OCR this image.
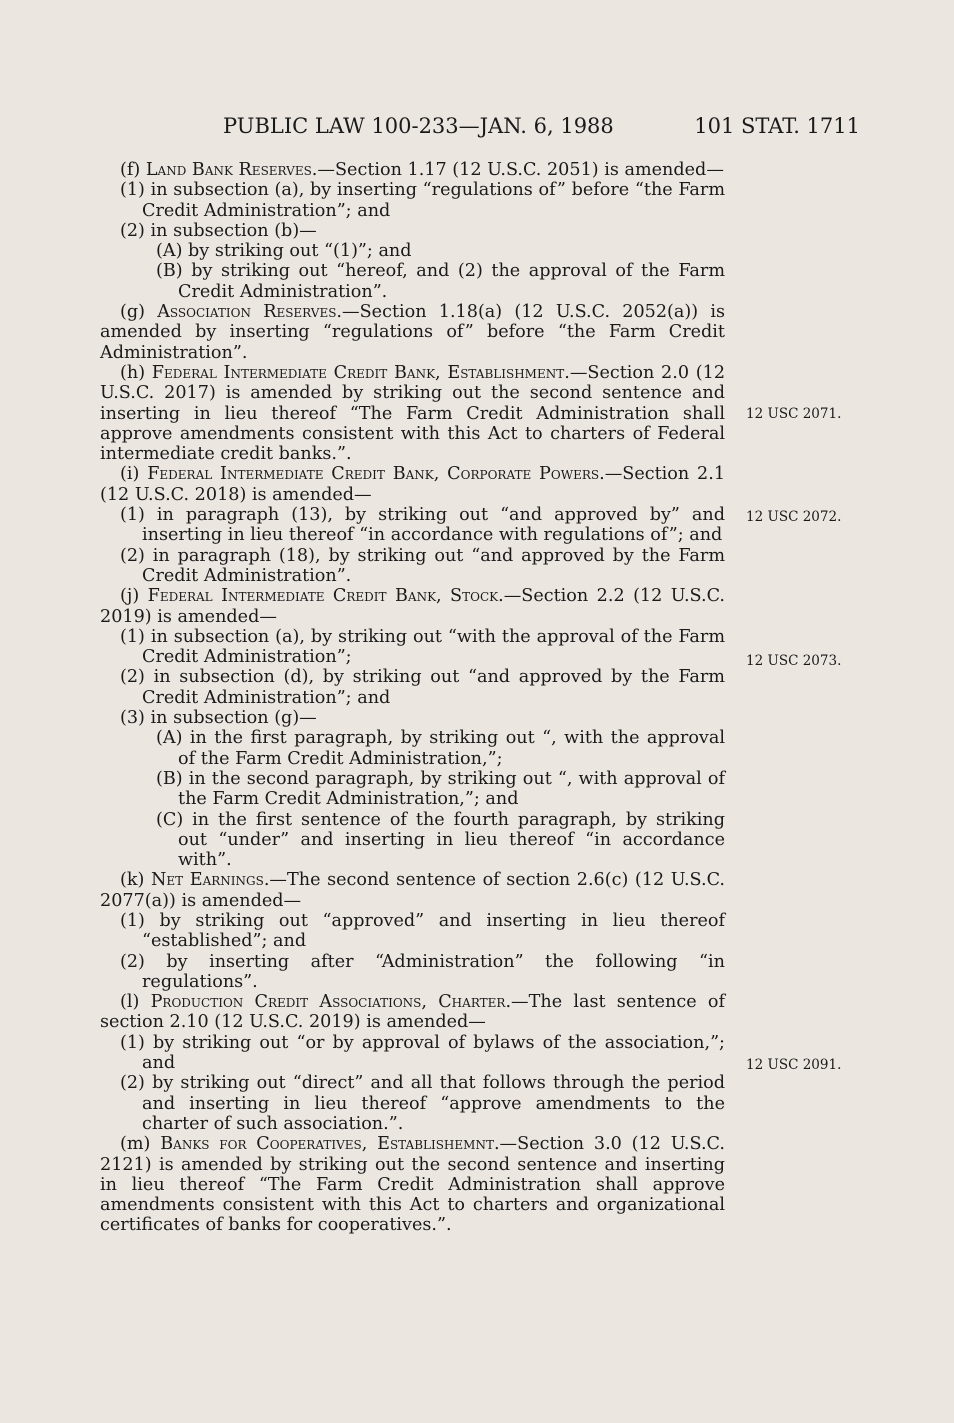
PUBLIC LAW 100-233—JAN. 6, 1988	101 STAT. 1711

(f) Land Bank Reserves.—Section 1.17 (12 U.S.C. 2051) is amended—

(1) in subsection (a), by inserting “regulations of” before “the Farm Credit Administration”; and

(2) in subsection (b)—

(A) by striking out “(1)”; and

(B) by striking out “hereof, and (2) the approval of the Farm Credit Administration”.

(g) Association Reserves.—Section 1.18(a) (12 U.S.C. 2052(a)) is amended by inserting “regulations of” before “the Farm Credit Administration”.

(h) Federal Intermediate Credit Bank, Establishment.—Section 2.0 (12 U.S.C. 2017) is amended by striking out the second sentence and inserting in lieu thereof “The Farm Credit Administration shall approve amendments consistent with this Act to charters of Federal intermediate credit banks.”.

(i) Federal Intermediate Credit Bank, Corporate Powers.—Section 2.1 (12 U.S.C. 2018) is amended—

(1) in paragraph (13), by striking out “and approved by” and inserting in lieu thereof “in accordance with regulations of”; and

(2) in paragraph (18), by striking out “and approved by the Farm Credit Administration”.

(j) Federal Intermediate Credit Bank, Stock.—Section 2.2 (12 U.S.C. 2019) is amended—

(1) in subsection (a), by striking out “with the approval of the Farm Credit Administration”;

(2) in subsection (d), by striking out “and approved by the Farm Credit Administration”; and

(3) in subsection (g)—

(A) in the first paragraph, by striking out “, with the approval of the Farm Credit Administration,”;

(B) in the second paragraph, by striking out “, with approval of the Farm Credit Administration,”; and

(C) in the first sentence of the fourth paragraph, by striking out “under” and inserting in lieu thereof “in accordance with”.

(k) Net Earnings.—The second sentence of section 2.6(c) (12 U.S.C. 2077(a)) is amended—

(1) by striking out “approved” and inserting in lieu thereof “established”; and

(2) by inserting after “Administration” the following “in regulations”.

(l) Production Credit Associations, Charter.—The last sentence of section 2.10 (12 U.S.C. 2019) is amended—

(1) by striking out “or by approval of bylaws of the association,”; and

(2) by striking out “direct” and all that follows through the period and inserting in lieu thereof “approve amendments to the charter of such association.”.

(m) Banks for Cooperatives, Establishemnt.—Section 3.0 (12 U.S.C. 2121) is amended by striking out the second sentence and inserting in lieu thereof “The Farm Credit Administration shall approve amendments consistent with this Act to charters and organizational certificates of banks for cooperatives.”.

12 USC 2071.
12 USC 2072.
12 USC 2073.
12 USC 2091.
